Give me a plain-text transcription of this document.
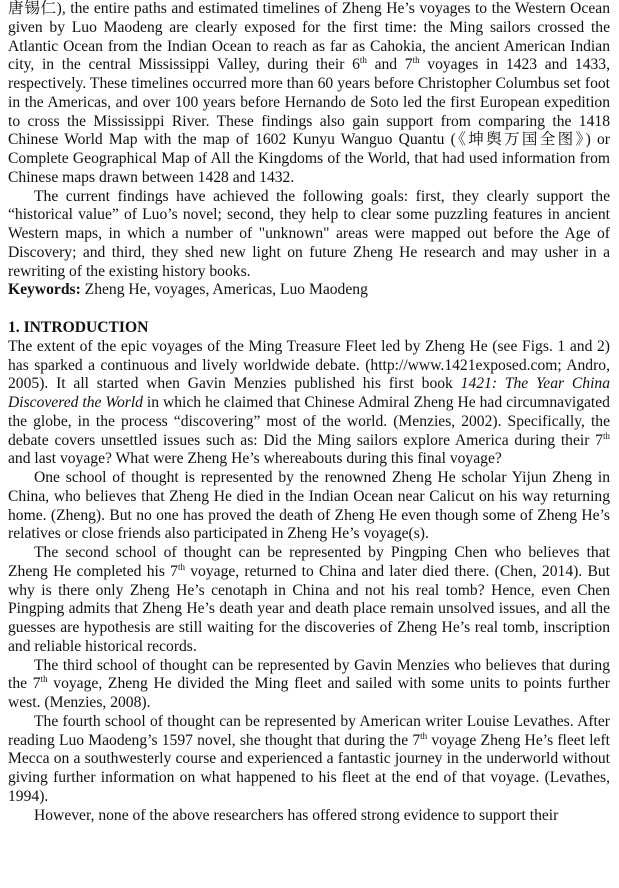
唐锡仁), the entire paths and estimated timelines of Zheng He’s voyages to the Western Ocean given by Luo Maodeng are clearly exposed for the first time: the Ming sailors crossed the Atlantic Ocean from the Indian Ocean to reach as far as Cahokia, the ancient American Indian city, in the central Mississippi Valley, during their 6th and 7th voyages in 1423 and 1433, respectively. These timelines occurred more than 60 years before Christopher Columbus set foot in the Americas, and over 100 years before Hernando de Soto led the first European expedition to cross the Mississippi River. These findings also gain support from comparing the 1418 Chinese World Map with the map of 1602 Kunyu Wanguo Quantu (《坤舆万国全图》) or Complete Geographical Map of All the Kingdoms of the World, that had used information from Chinese maps drawn between 1428 and 1432.

The current findings have achieved the following goals: first, they clearly support the “historical value” of Luo’s novel; second, they help to clear some puzzling features in ancient Western maps, in which a number of "unknown" areas were mapped out before the Age of Discovery; and third, they shed new light on future Zheng He research and may usher in a rewriting of the existing history books.

Keywords: Zheng He, voyages, Americas, Luo Maodeng

1. INTRODUCTION

The extent of the epic voyages of the Ming Treasure Fleet led by Zheng He (see Figs. 1 and 2) has sparked a continuous and lively worldwide debate. (http://www.1421exposed.com; Andro, 2005). It all started when Gavin Menzies published his first book 1421: The Year China Discovered the World in which he claimed that Chinese Admiral Zheng He had circumnavigated the globe, in the process “discovering” most of the world. (Menzies, 2002). Specifically, the debate covers unsettled issues such as: Did the Ming sailors explore America during their 7th and last voyage? What were Zheng He’s whereabouts during this final voyage?

One school of thought is represented by the renowned Zheng He scholar Yijun Zheng in China, who believes that Zheng He died in the Indian Ocean near Calicut on his way returning home. (Zheng). But no one has proved the death of Zheng He even though some of Zheng He’s relatives or close friends also participated in Zheng He’s voyage(s).

The second school of thought can be represented by Pingping Chen who believes that Zheng He completed his 7th voyage, returned to China and later died there. (Chen, 2014). But why is there only Zheng He’s cenotaph in China and not his real tomb? Hence, even Chen Pingping admits that Zheng He’s death year and death place remain unsolved issues, and all the guesses are hypothesis are still waiting for the discoveries of Zheng He’s real tomb, inscription and reliable historical records.

The third school of thought can be represented by Gavin Menzies who believes that during the 7th voyage, Zheng He divided the Ming fleet and sailed with some units to points further west. (Menzies, 2008).

The fourth school of thought can be represented by American writer Louise Levathes. After reading Luo Maodeng’s 1597 novel, she thought that during the 7th voyage Zheng He’s fleet left Mecca on a southwesterly course and experienced a fantastic journey in the underworld without giving further information on what happened to his fleet at the end of that voyage. (Levathes, 1994).

However, none of the above researchers has offered strong evidence to support their
